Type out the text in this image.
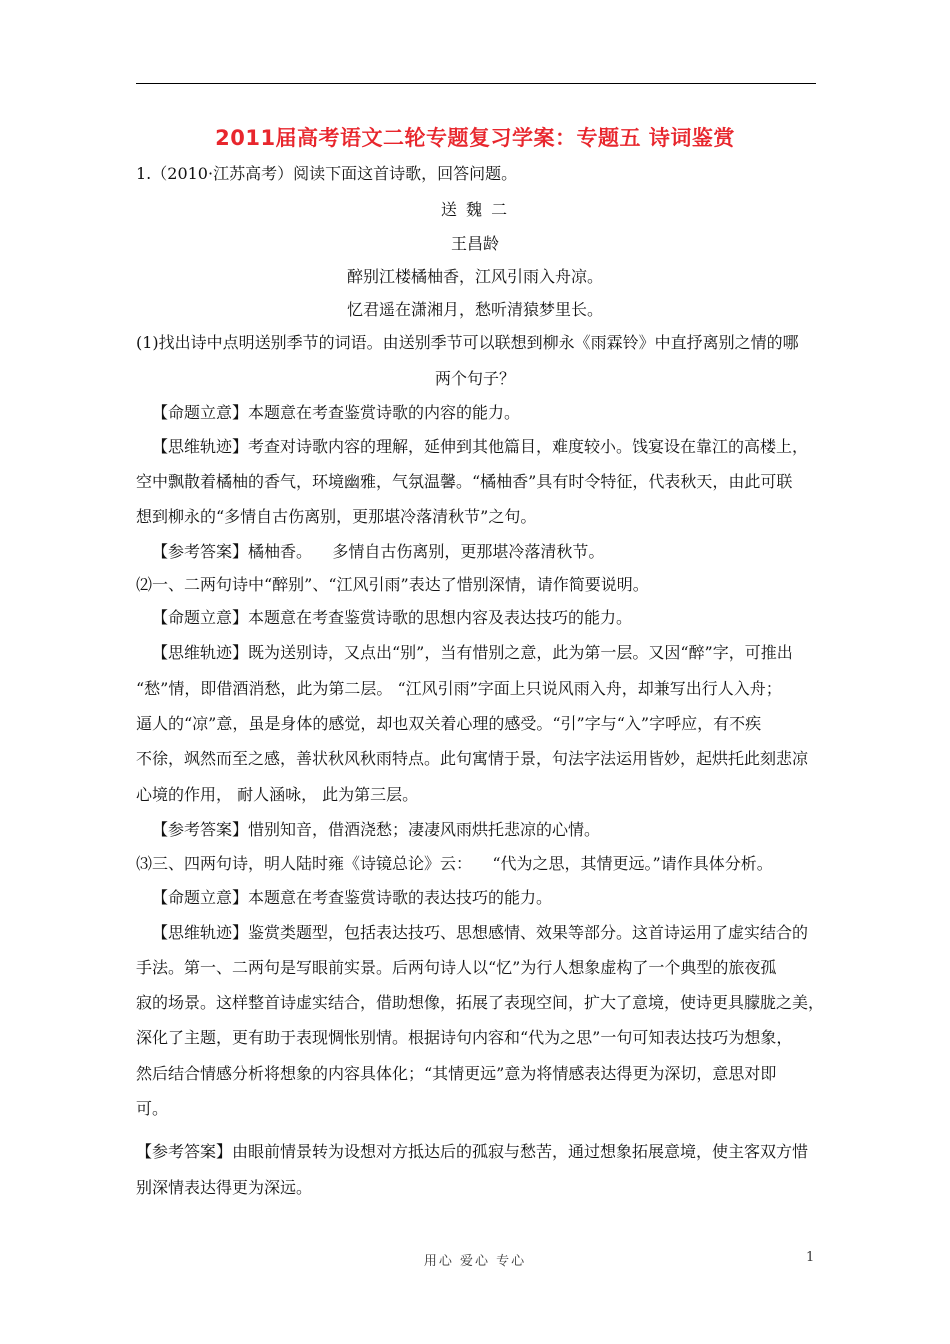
2011届高考语文二轮专题复习学案：专题五 诗词鉴赏
1.（2010·江苏高考）阅读下面这首诗歌，回答问题。
送 魏 二
王昌龄
醉别江楼橘柚香，江风引雨入舟凉。
忆君遥在潇湘月，愁听清猿梦里长。
(1)找出诗中点明送别季节的词语。由送别季节可以联想到柳永《雨霖铃》中直抒离别之情的哪
两个句子？
【命题立意】本题意在考查鉴赏诗歌的内容的能力。
【思维轨迹】考查对诗歌内容的理解，延伸到其他篇目，难度较小。饯宴设在靠江的高楼上，
空中飘散着橘柚的香气，环境幽雅，气氛温馨。“橘柚香”具有时令特征，代表秋天，由此可联
想到柳永的“多情自古伤离别，更那堪冷落清秋节”之句。
【参考答案】橘柚香。    多情自古伤离别，更那堪冷落清秋节。
⑵一、二两句诗中“醉别”、“江风引雨”表达了惜别深情，请作简要说明。
【命题立意】本题意在考查鉴赏诗歌的思想内容及表达技巧的能力。
【思维轨迹】既为送别诗，又点出“别”，当有惜别之意，此为第一层。又因“醉”字，可推出
“愁”情，即借酒消愁，此为第二层。 “江风引雨”字面上只说风雨入舟，却兼写出行人入舟；
逼人的“凉”意，虽是身体的感觉，却也双关着心理的感受。“引”字与“入”字呼应，有不疾
不徐，飒然而至之感，善状秋风秋雨特点。此句寓情于景，句法字法运用皆妙，起烘托此刻悲凉
心境的作用， 耐人涵咏， 此为第三层。
【参考答案】惜别知音，借酒浇愁；凄凄风雨烘托悲凉的心情。
⑶三、四两句诗，明人陆时雍《诗镜总论》云：    “代为之思，其情更远。”请作具体分析。
【命题立意】本题意在考查鉴赏诗歌的表达技巧的能力。
【思维轨迹】鉴赏类题型，包括表达技巧、思想感情、效果等部分。这首诗运用了虚实结合的
手法。第一、二两句是写眼前实景。后两句诗人以“忆”为行人想象虚构了一个典型的旅夜孤
寂的场景。这样整首诗虚实结合，借助想像，拓展了表现空间，扩大了意境，使诗更具朦胧之美，
深化了主题，更有助于表现惆怅别情。根据诗句内容和“代为之思”一句可知表达技巧为想象，
然后结合情感分析将想象的内容具体化；“其情更远”意为将情感表达得更为深切，意思对即
可。
【参考答案】由眼前情景转为设想对方抵达后的孤寂与愁苦，通过想象拓展意境，使主客双方惜
别深情表达得更为深远。
用心 爱心 专心	1
